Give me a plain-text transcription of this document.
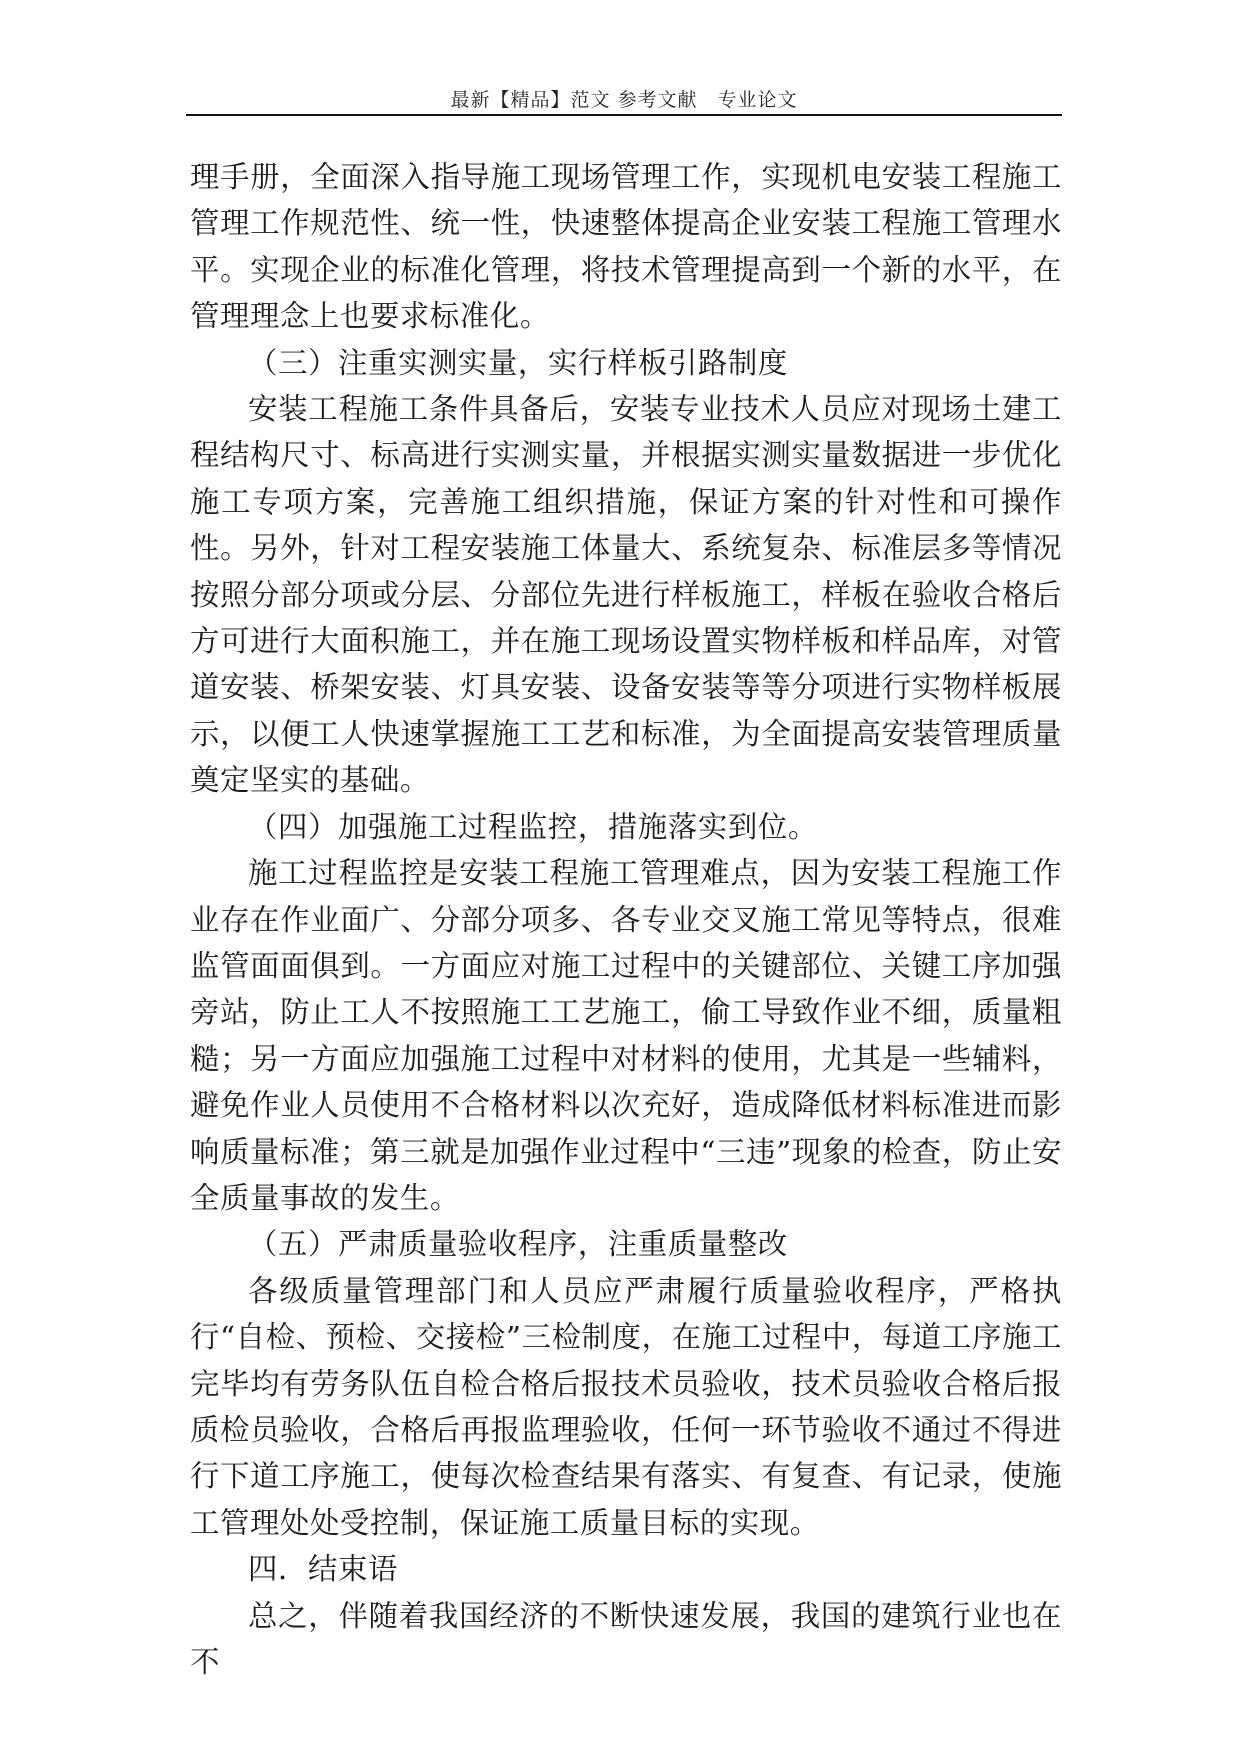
最新【精品】范文 参考文献　专业论文

理手册，全面深入指导施工现场管理工作，实现机电安装工程施工管理工作规范性、统一性，快速整体提高企业安装工程施工管理水平。实现企业的标准化管理，将技术管理提高到一个新的水平，在管理理念上也要求标准化。

（三）注重实测实量，实行样板引路制度

安装工程施工条件具备后，安装专业技术人员应对现场土建工程结构尺寸、标高进行实测实量，并根据实测实量数据进一步优化施工专项方案，完善施工组织措施，保证方案的针对性和可操作性。另外，针对工程安装施工体量大、系统复杂、标准层多等情况按照分部分项或分层、分部位先进行样板施工，样板在验收合格后方可进行大面积施工，并在施工现场设置实物样板和样品库，对管道安装、桥架安装、灯具安装、设备安装等等分项进行实物样板展示，以便工人快速掌握施工工艺和标准，为全面提高安装管理质量奠定坚实的基础。

（四）加强施工过程监控，措施落实到位。

施工过程监控是安装工程施工管理难点，因为安装工程施工作业存在作业面广、分部分项多、各专业交叉施工常见等特点，很难监管面面俱到。一方面应对施工过程中的关键部位、关键工序加强旁站，防止工人不按照施工工艺施工，偷工导致作业不细，质量粗糙；另一方面应加强施工过程中对材料的使用，尤其是一些辅料，避免作业人员使用不合格材料以次充好，造成降低材料标准进而影响质量标准；第三就是加强作业过程中“三违”现象的检查，防止安全质量事故的发生。

（五）严肃质量验收程序，注重质量整改

各级质量管理部门和人员应严肃履行质量验收程序，严格执行“自检、预检、交接检”三检制度，在施工过程中，每道工序施工完毕均有劳务队伍自检合格后报技术员验收，技术员验收合格后报质检员验收，合格后再报监理验收，任何一环节验收不通过不得进行下道工序施工，使每次检查结果有落实、有复查、有记录，使施工管理处处受控制，保证施工质量目标的实现。

四．结束语

总之，伴随着我国经济的不断快速发展，我国的建筑行业也在不
